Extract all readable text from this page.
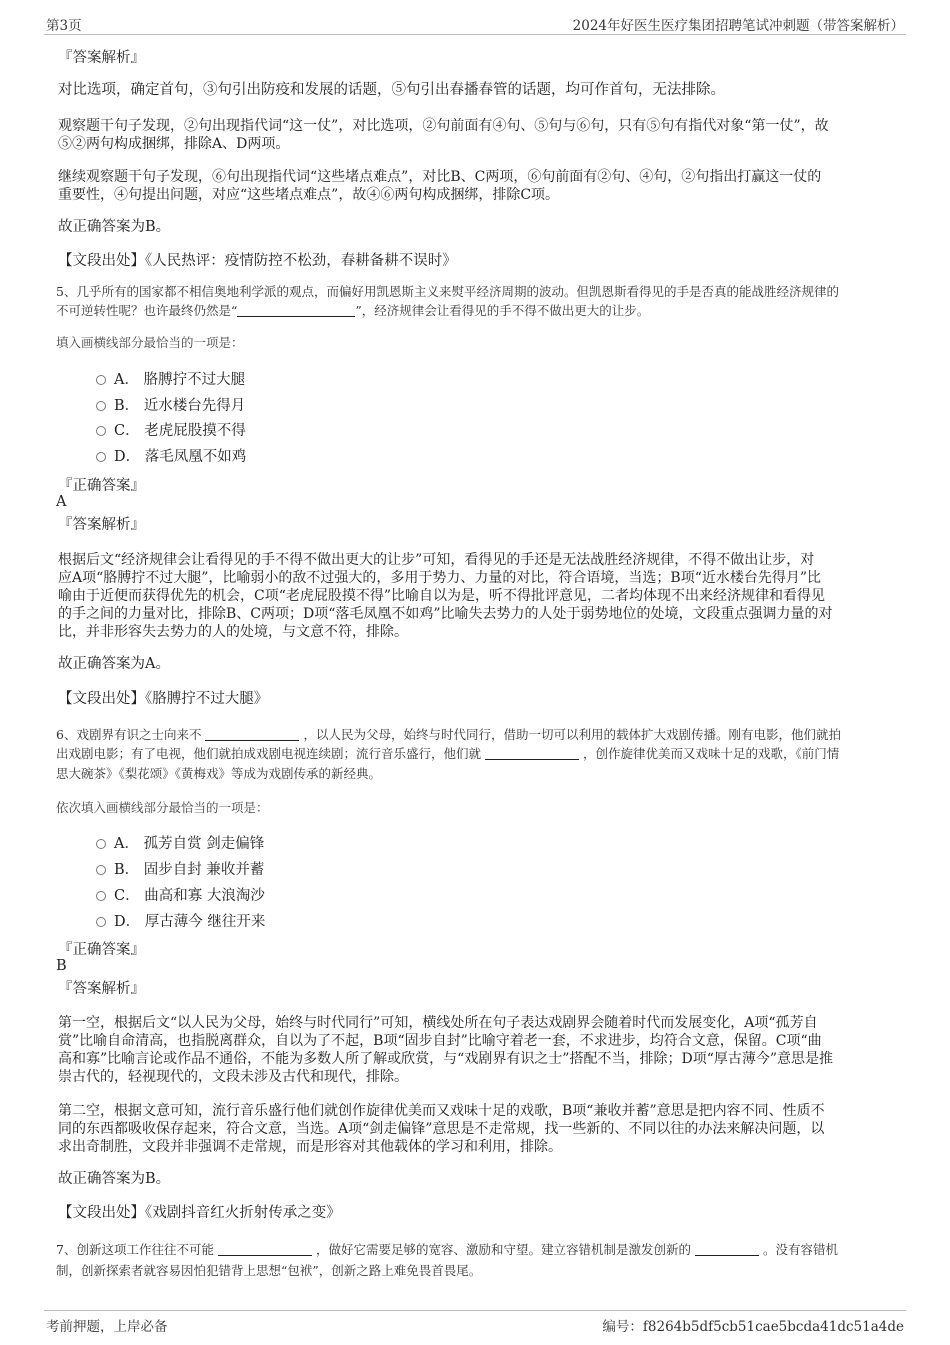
第3页	2024年好医生医疗集团招聘笔试冲刺题（带答案解析）
『答案解析』
对比选项，确定首句，③句引出防疫和发展的话题，⑤句引出春播春管的话题，均可作首句，无法排除。
观察题干句子发现，②句出现指代词“这一仗”，对比选项，②句前面有④句、⑤句与⑥句，只有⑤句有指代对象“第一仗”，故
⑤②两句构成捆绑，排除A、D两项。
继续观察题干句子发现，⑥句出现指代词“这些堵点难点”，对比B、C两项，⑥句前面有②句、④句，②句指出打赢这一仗的
重要性，④句提出问题，对应“这些堵点难点”，故④⑥两句构成捆绑，排除C项。
故正确答案为B。
【文段出处】《人民热评：疫情防控不松劲，春耕备耕不误时》
5、几乎所有的国家都不相信奥地利学派的观点，而偏好用凯恩斯主义来熨平经济周期的波动。但凯恩斯看得见的手是否真的能战胜经济规律的
不可逆转性呢？也许最终仍然是“	”，经济规律会让看得见的手不得不做出更大的让步。
填入画横线部分最恰当的一项是：
A． 胳膊拧不过大腿
B． 近水楼台先得月
C． 老虎屁股摸不得
D． 落毛凤凰不如鸡
『正确答案』
A
『答案解析』
根据后文“经济规律会让看得见的手不得不做出更大的让步”可知，看得见的手还是无法战胜经济规律，不得不做出让步，对
应A项“胳膊拧不过大腿”，比喻弱小的敌不过强大的，多用于势力、力量的对比，符合语境，当选；B项“近水楼台先得月”比
喻由于近便而获得优先的机会，C项“老虎屁股摸不得”比喻自以为是，听不得批评意见，二者均体现不出来经济规律和看得见
的手之间的力量对比，排除B、C两项；D项“落毛凤凰不如鸡”比喻失去势力的人处于弱势地位的处境，文段重点强调力量的对
比，并非形容失去势力的人的处境，与文意不符，排除。
故正确答案为A。
【文段出处】《胳膊拧不过大腿》
6、戏剧界有识之士向来不	，以人民为父母，始终与时代同行，借助一切可以利用的载体扩大戏剧传播。刚有电影，他们就拍
出戏剧电影；有了电视，他们就拍成戏剧电视连续剧；流行音乐盛行，他们就	，创作旋律优美而又戏味十足的戏歌，《前门情
思大碗茶》《梨花颂》《黄梅戏》等成为戏剧传承的新经典。
依次填入画横线部分最恰当的一项是：
A． 孤芳自赏 剑走偏锋
B． 固步自封 兼收并蓄
C． 曲高和寡 大浪淘沙
D． 厚古薄今 继往开来
『正确答案』
B
『答案解析』
第一空，根据后文“以人民为父母，始终与时代同行”可知，横线处所在句子表达戏剧界会随着时代而发展变化，A项“孤芳自
赏”比喻自命清高，也指脱离群众，自以为了不起，B项“固步自封”比喻守着老一套，不求进步，均符合文意，保留。C项“曲
高和寡”比喻言论或作品不通俗，不能为多数人所了解或欣赏，与“戏剧界有识之士”搭配不当，排除；D项“厚古薄今”意思是推
崇古代的，轻视现代的，文段未涉及古代和现代，排除。
第二空，根据文意可知，流行音乐盛行他们就创作旋律优美而又戏味十足的戏歌，B项“兼收并蓄”意思是把内容不同、性质不
同的东西都吸收保存起来，符合文意，当选。A项“剑走偏锋”意思是不走常规，找一些新的、不同以往的办法来解决问题，以
求出奇制胜，文段并非强调不走常规，而是形容对其他载体的学习和利用，排除。
故正确答案为B。
【文段出处】《戏剧抖音红火折射传承之变》
7、创新这项工作往往不可能	，做好它需要足够的宽容、激励和守望。建立容错机制是激发创新的	。没有容错机
制，创新探索者就容易因怕犯错背上思想“包袱”，创新之路上难免畏首畏尾。
考前押题，上岸必备	编号：f8264b5df5cb51cae5bcda41dc51a4de
